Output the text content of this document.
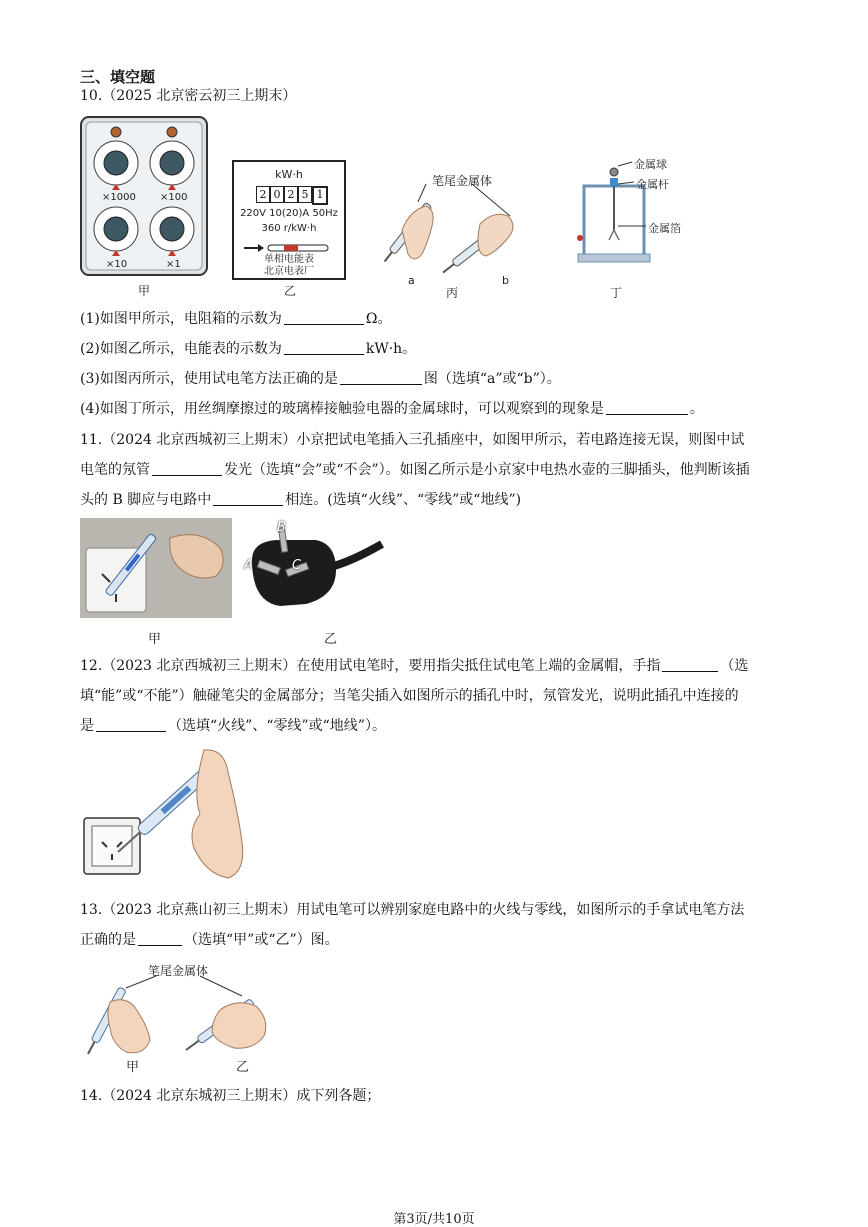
三、填空题
10.（2025 北京密云初三上期末）
×1000 ×100
×10	×1
甲
kW·h
2 0 2 5 1
220V 10(20)A 50Hz
360 r/kW·h
单相电能表
北京电表厂
乙
笔尾金属体
a	b
丙
金属球
金属杆
金属箔
丁
(1)如图甲所示，电阻箱的示数为	Ω。
(2)如图乙所示，电能表的示数为	kW·h。
(3)如图丙所示，使用试电笔方法正确的是	图（选填“a”或“b”）。
(4)如图丁所示，用丝绸摩擦过的玻璃棒接触验电器的金属球时，可以观察到的现象是	。
11.（2024 北京西城初三上期末）小京把试电笔插入三孔插座中，如图甲所示，若电路连接无误，则图中试
电笔的氖管	发光（选填“会”或“不会”）。如图乙所示是小京家中电热水壶的三脚插头，他判断该插
头的 B 脚应与电路中	相连。(选填“火线”、“零线”或“地线”)
甲
B
A	C
乙
12.（2023 北京西城初三上期末）在使用试电笔时，要用指尖抵住试电笔上端的金属帽，手指	（选
填“能”或“不能”）触碰笔尖的金属部分；当笔尖插入如图所示的插孔中时，氖管发光，说明此插孔中连接的
是	（选填“火线”、“零线”或“地线”）。
13.（2023 北京燕山初三上期末）用试电笔可以辨别家庭电路中的火线与零线，如图所示的手拿试电笔方法
正确的是	（选填“甲”或“乙”）图。
笔尾金属体
甲	乙
14.（2024 北京东城初三上期末）成下列各题；
第3页/共10页
